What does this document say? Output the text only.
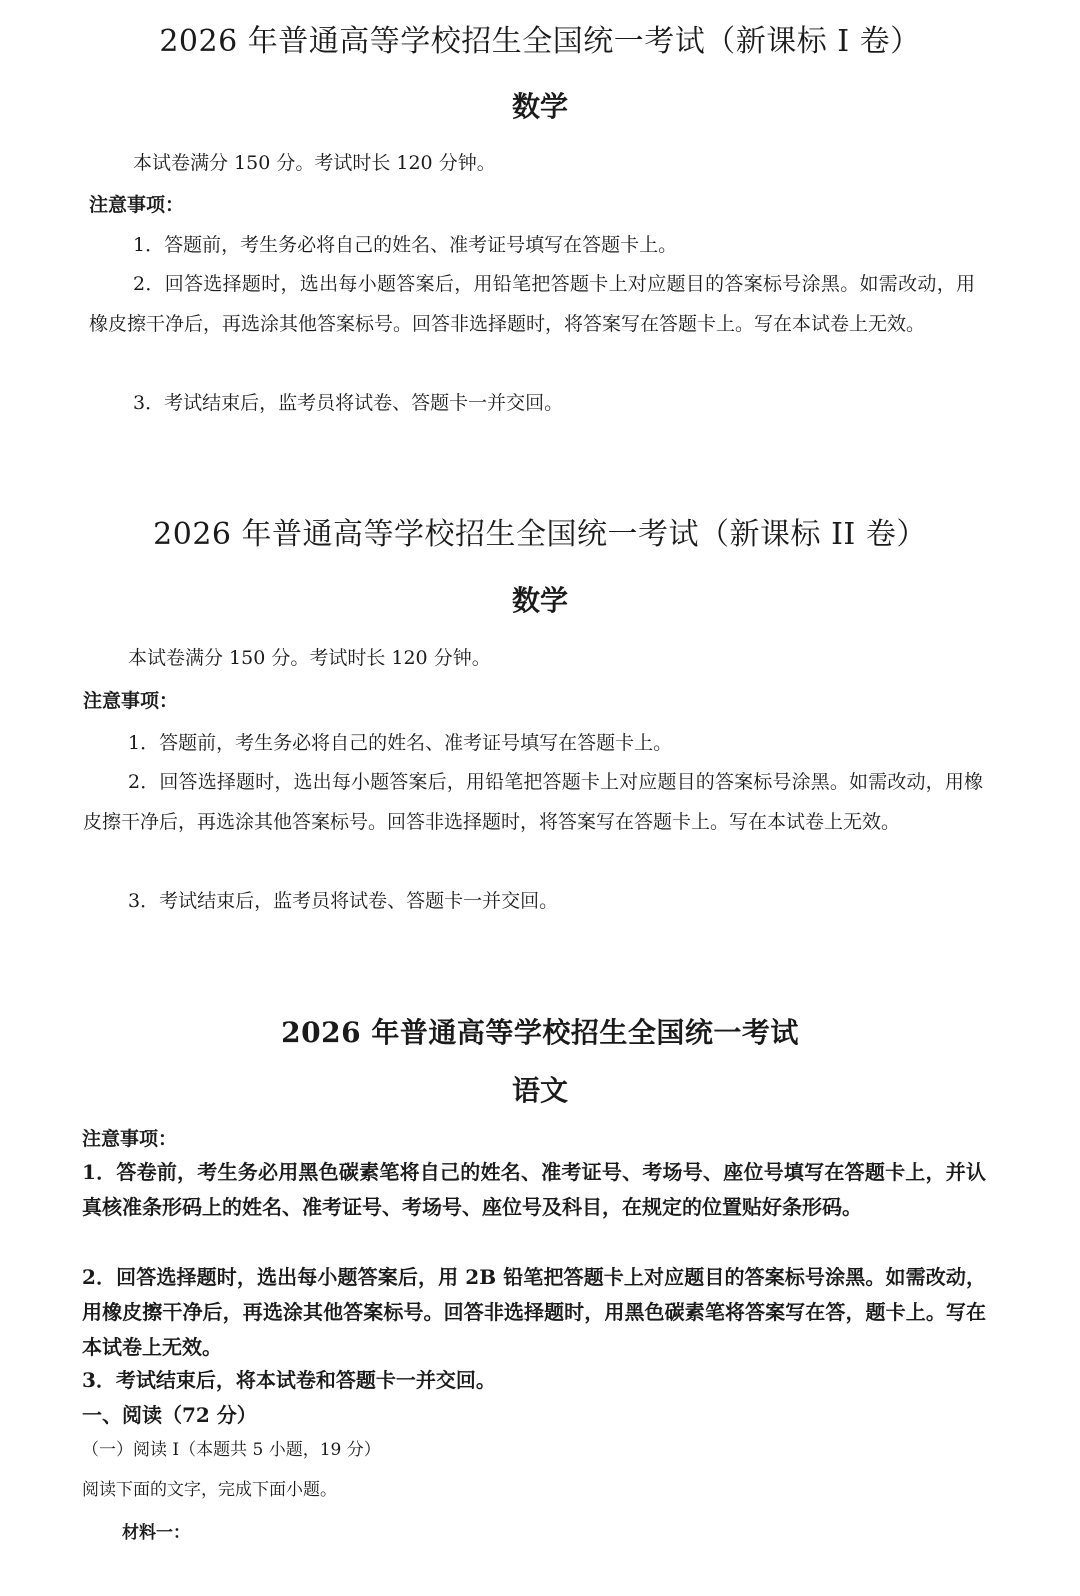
2026 年普通高等学校招生全国统一考试（新课标 I 卷）
数学

本试卷满分 150 分。考试时长 120 分钟。

注意事项：

1．答题前，考生务必将自己的姓名、准考证号填写在答题卡上。

2．回答选择题时，选出每小题答案后，用铅笔把答题卡上对应题目的答案标号涂黑。如需改动，用橡皮擦干净后，再选涂其他答案标号。回答非选择题时，将答案写在答题卡上。写在本试卷上无效。

3．考试结束后，监考员将试卷、答题卡一并交回。

2026 年普通高等学校招生全国统一考试（新课标 II 卷）
数学

本试卷满分 150 分。考试时长 120 分钟。

注意事项：

1．答题前，考生务必将自己的姓名、准考证号填写在答题卡上。

2．回答选择题时，选出每小题答案后，用铅笔把答题卡上对应题目的答案标号涂黑。如需改动，用橡皮擦干净后，再选涂其他答案标号。回答非选择题时，将答案写在答题卡上。写在本试卷上无效。

3．考试结束后，监考员将试卷、答题卡一并交回。

2026 年普通高等学校招生全国统一考试
语文

注意事项：

1．答卷前，考生务必用黑色碳素笔将自己的姓名、准考证号、考场号、座位号填写在答题卡上，并认真核准条形码上的姓名、准考证号、考场号、座位号及科目，在规定的位置贴好条形码。

2．回答选择题时，选出每小题答案后，用 2B 铅笔把答题卡上对应题目的答案标号涂黑。如需改动，用橡皮擦干净后，再选涂其他答案标号。回答非选择题时，用黑色碳素笔将答案写在答，题卡上。写在本试卷上无效。

3．考试结束后，将本试卷和答题卡一并交回。

一、阅读（72 分）

（一）阅读 I（本题共 5 小题，19 分）

阅读下面的文字，完成下面小题。

材料一：
